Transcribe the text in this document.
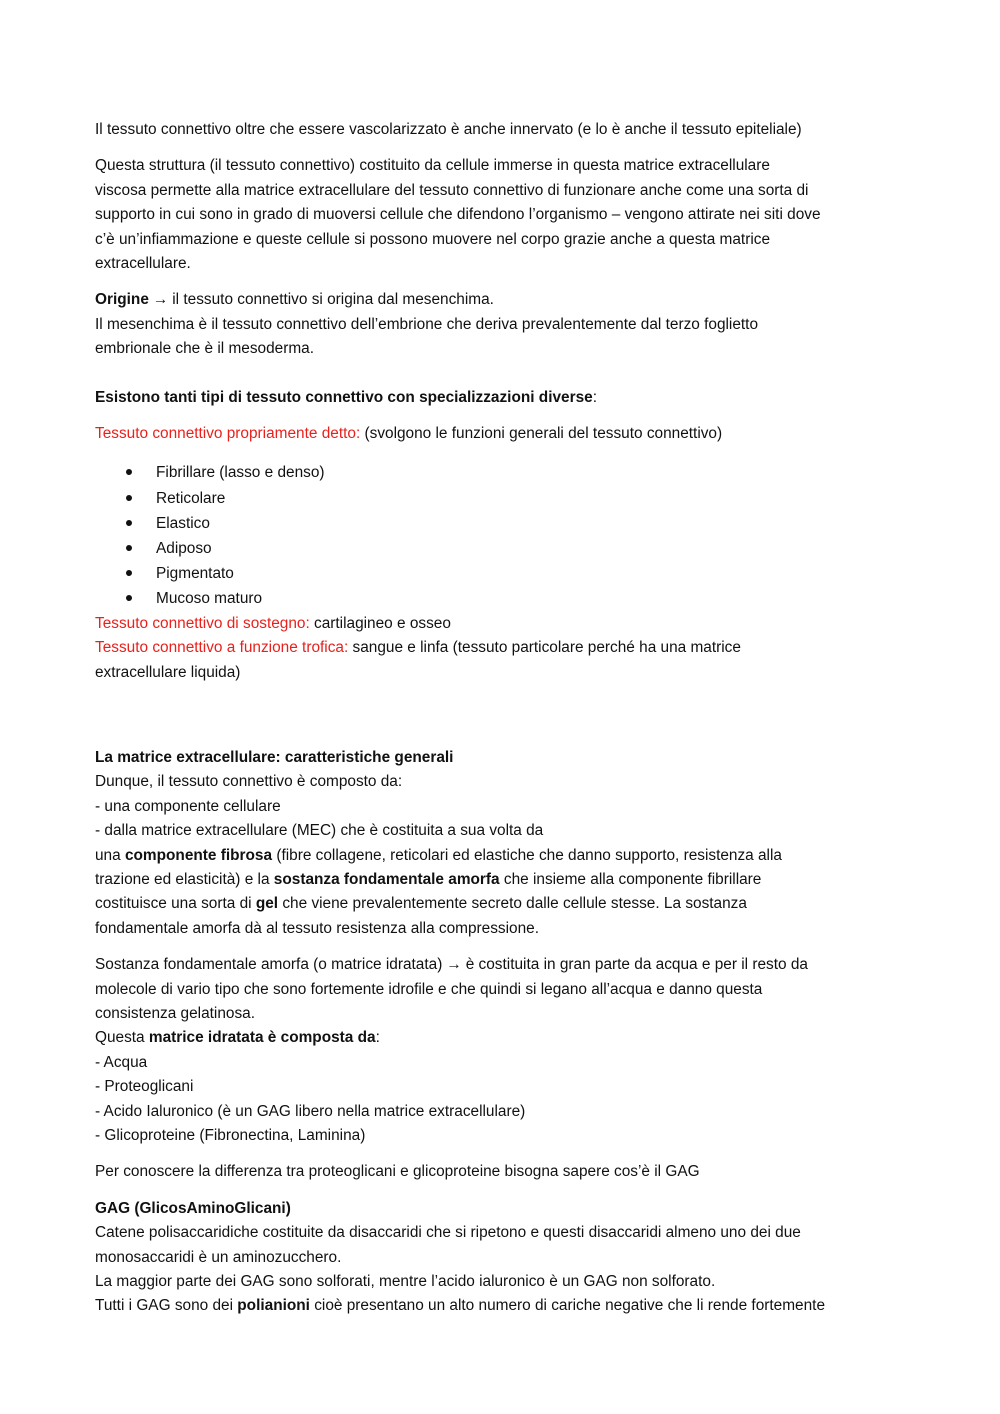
Il tessuto connettivo oltre che essere vascolarizzato è anche innervato (e lo è anche il tessuto epiteliale)

Questa struttura (il tessuto connettivo) costituito da cellule immerse in questa matrice extracellulare
viscosa permette alla matrice extracellulare del tessuto connettivo di funzionare anche come una sorta di
supporto in cui sono in grado di muoversi cellule che difendono l’organismo – vengono attirate nei siti dove
c’è un’infiammazione e queste cellule si possono muovere nel corpo grazie anche a questa matrice
extracellulare.

Origine → il tessuto connettivo si origina dal mesenchima.
Il mesenchima è il tessuto connettivo dell’embrione che deriva prevalentemente dal terzo foglietto
embrionale che è il mesoderma.

Esistono tanti tipi di tessuto connettivo con specializzazioni diverse:

Tessuto connettivo propriamente detto: (svolgono le funzioni generali del tessuto connettivo)

Fibrillare (lasso e denso)
Reticolare
Elastico
Adiposo
Pigmentato
Mucoso maturo

Tessuto connettivo di sostegno: cartilagineo e osseo
Tessuto connettivo a funzione trofica: sangue e linfa (tessuto particolare perché ha una matrice
extracellulare liquida)

La matrice extracellulare: caratteristiche generali
Dunque, il tessuto connettivo è composto da:
- una componente cellulare
- dalla matrice extracellulare (MEC) che è costituita a sua volta da
una componente fibrosa (fibre collagene, reticolari ed elastiche che danno supporto, resistenza alla
trazione ed elasticità) e la sostanza fondamentale amorfa che insieme alla componente fibrillare
costituisce una sorta di gel che viene prevalentemente secreto dalle cellule stesse. La sostanza
fondamentale amorfa dà al tessuto resistenza alla compressione.

Sostanza fondamentale amorfa (o matrice idratata) → è costituita in gran parte da acqua e per il resto da
molecole di vario tipo che sono fortemente idrofile e che quindi si legano all’acqua e danno questa
consistenza gelatinosa.
Questa matrice idratata è composta da:
- Acqua
- Proteoglicani
- Acido Ialuronico (è un GAG libero nella matrice extracellulare)
- Glicoproteine (Fibronectina, Laminina)

Per conoscere la differenza tra proteoglicani e glicoproteine bisogna sapere cos’è il GAG

GAG (GlicosAminoGlicani)
Catene polisaccaridiche costituite da disaccaridi che si ripetono e questi disaccaridi almeno uno dei due
monosaccaridi è un aminozucchero.
La maggior parte dei GAG sono solforati, mentre l’acido ialuronico è un GAG non solforato.
Tutti i GAG sono dei polianioni cioè presentano un alto numero di cariche negative che li rende fortemente
